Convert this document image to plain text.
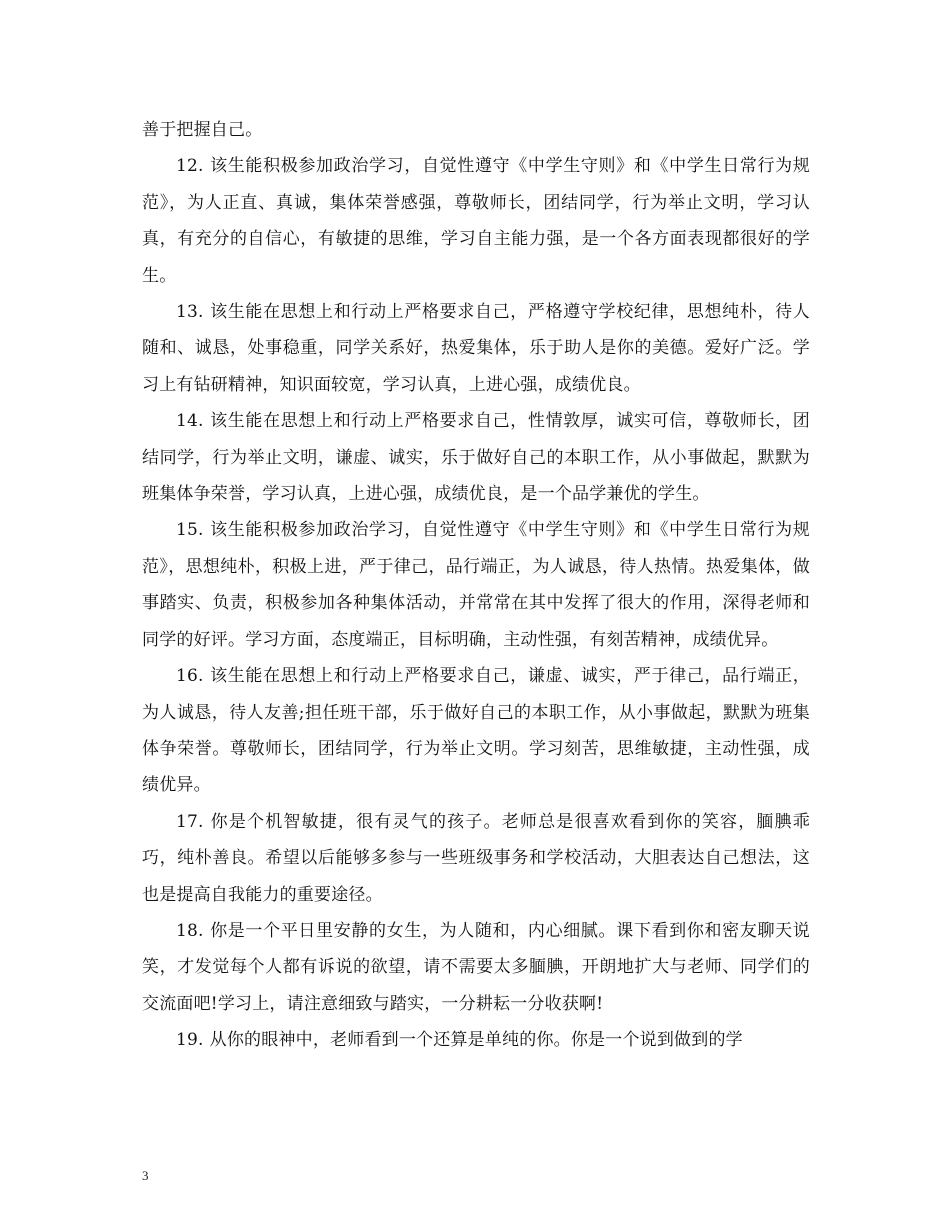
善于把握自己。

12. 该生能积极参加政治学习，自觉性遵守《中学生守则》和《中学生日常行为规范》，为人正直、真诚，集体荣誉感强，尊敬师长，团结同学，行为举止文明，学习认真，有充分的自信心，有敏捷的思维，学习自主能力强，是一个各方面表现都很好的学生。

13. 该生能在思想上和行动上严格要求自己，严格遵守学校纪律，思想纯朴，待人随和、诚恳，处事稳重，同学关系好，热爱集体，乐于助人是你的美德。爱好广泛。学习上有钻研精神，知识面较宽，学习认真，上进心强，成绩优良。

14. 该生能在思想上和行动上严格要求自己，性情敦厚，诚实可信，尊敬师长，团结同学，行为举止文明，谦虚、诚实，乐于做好自己的本职工作，从小事做起，默默为班集体争荣誉，学习认真，上进心强，成绩优良，是一个品学兼优的学生。

15. 该生能积极参加政治学习，自觉性遵守《中学生守则》和《中学生日常行为规范》，思想纯朴，积极上进，严于律己，品行端正，为人诚恳，待人热情。热爱集体，做事踏实、负责，积极参加各种集体活动，并常常在其中发挥了很大的作用，深得老师和同学的好评。学习方面，态度端正，目标明确，主动性强，有刻苦精神，成绩优异。

16. 该生能在思想上和行动上严格要求自己，谦虚、诚实，严于律己，品行端正，为人诚恳，待人友善;担任班干部，乐于做好自己的本职工作，从小事做起，默默为班集体争荣誉。尊敬师长，团结同学，行为举止文明。学习刻苦，思维敏捷，主动性强，成绩优异。

17. 你是个机智敏捷，很有灵气的孩子。老师总是很喜欢看到你的笑容，腼腆乖巧，纯朴善良。希望以后能够多参与一些班级事务和学校活动，大胆表达自己想法，这也是提高自我能力的重要途径。

18. 你是一个平日里安静的女生，为人随和，内心细腻。课下看到你和密友聊天说笑，才发觉每个人都有诉说的欲望，请不需要太多腼腆，开朗地扩大与老师、同学们的交流面吧!学习上，请注意细致与踏实，一分耕耘一分收获啊!

19. 从你的眼神中，老师看到一个还算是单纯的你。你是一个说到做到的学

3
